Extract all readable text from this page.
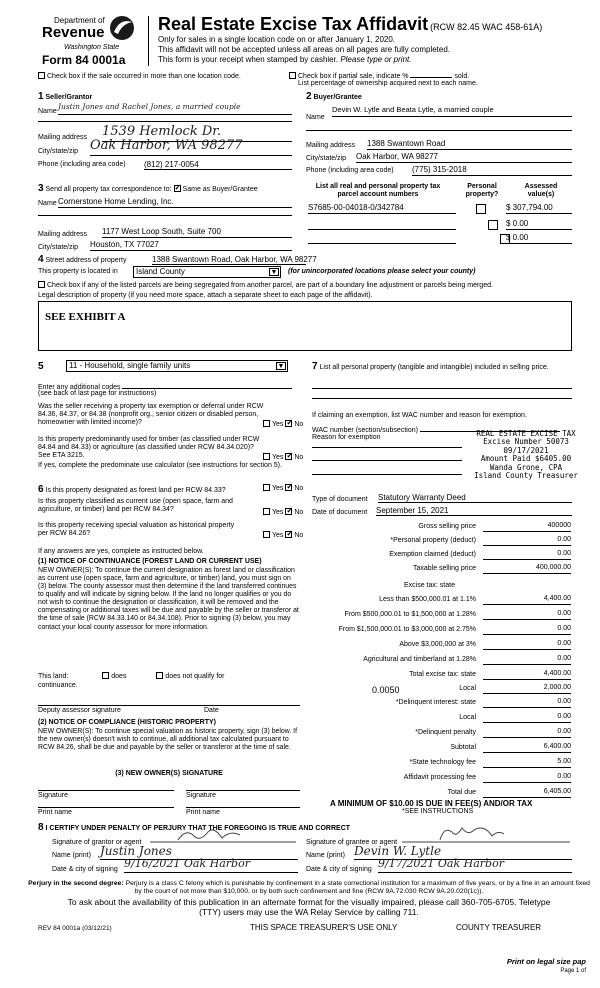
Department of
Revenue
Washington State
Form 84 0001a
Real Estate Excise Tax Affidavit (RCW 82.45 WAC 458-61A)
Only for sales in a single location code on or after January 1, 2020.
This affidavit will not be accepted unless all areas on all pages are fully completed.
This form is your receipt when stamped by cashier. Please type or print.
Check box if the sale occurred in more than one location code.	Check box if partial sale, indicate %	sold.
List percentage of ownership acquired next to each name.
1 Seller/Grantor
Name
Justin Jones and Rachel Jones, a married couple
Mailing address 1539 Hemlock Dr.
City/state/zip Oak Harbor, WA 98277
Phone (including area code) (812) 217-0054
2 Buyer/Grantee
Name
Devin W. Lytle and Beata Lytle, a married couple
Mailing address 1388 Swantown Road
City/state/zip Oak Harbor, WA 98277
Phone (including area code) (775) 315-2018
3 Send all property tax correspondence to: ✓ Same as Buyer/Grantee
Name Cornerstone Home Lending, Inc.
Mailing address 1177 West Loop South, Suite 700
City/state/zip Houston, TX 77027
List all real and personal property tax
parcel account numbers
Personal
property?
Assessed
value(s)
S7685-00-04018-0/342784	$ 307,794.00
$ 0.00
$ 0.00
4 Street address of property	1388 Swantown Road, Oak Harbor, WA 98277
This property is located in	Island County	▼ (for unincorporated locations please select your county)
Check box if any of the listed parcels are being segregated from another parcel, are part of a boundary line adjustment or parcels being merged.
Legal description of property (if you need more space, attach a separate sheet to each page of the affidavit).
SEE EXHIBIT A
5	11 - Household, single family units	▼
Enter any additional codes
(see back of last page for instructions)
Was the seller receiving a property tax exemption or deferral under RCW 84.36, 84.37, or 84.38 (nonprofit org., senior citizen or disabled person, homeowner with limited income)?	Yes ✓ No
Is this property predominantly used for timber (as classified under RCW 84.84 and 84.33) or agriculture (as classified under RCW 84.34.020)? See ETA 3215.	Yes ✓ No
If yes, complete the predominate use calculator (see instructions for section 5).
6 Is this property designated as forest land per RCW 84.33?	Yes ✓ No
Is this property classified as current use (open space, farm and agriculture, or timber) land per RCW 84.34?	Yes ✓ No
Is this property receiving special valuation as historical property per RCW 84.26?	Yes ✓ No
If any answers are yes, complete as instructed below.
(1) NOTICE OF CONTINUANCE (FOREST LAND OR CURRENT USE)
NEW OWNER(S): To continue the current designation as forest land or classification as current use (open space, farm and agriculture, or timber) land, you must sign on (3) below. The county assessor must then determine if the land transferred continues to qualify and will indicate by signing below. If the land no longer qualifies or you do not wish to continue the designation or classification, it will be removed and the compensating or additional taxes will be due and payable by the seller or transferor at the time of sale (RCW 84.33.140 or 84.34.108). Prior to signing (3) below, you may contact your local county assessor for more information.
This land:	does	does not qualify for
continuance.
Deputy assessor signature	Date
(2) NOTICE OF COMPLIANCE (HISTORIC PROPERTY)
NEW OWNER(S): To continue special valuation as historic property, sign (3) below. If the new owner(s) doesn't wish to continue, all additional tax calculated pursuant to RCW 84.26, shall be due and payable by the seller or transferor at the time of sale.
(3) NEW OWNER(S) SIGNATURE
Signature	Signature
Print name	Print name
7 List all personal property (tangible and intangible) included in selling price.
If claiming an exemption, list WAC number and reason for exemption.
WAC number (section/subsection)
Reason for exemption	REAL ESTATE EXCISE TAX
Excise Number 50073
09/17/2021
Amount Paid $6405.00
Wanda Grone, CPA
Island County Treasurer
Type of document Statutory Warranty Deed
Date of document September 15, 2021
Gross selling price	400000
*Personal property (deduct)	0.00
Exemption claimed (deduct)	0.00
Taxable selling price	400,000.00
Less than $500,000.01 at 1.1%	4,400.00
From $500,000.01 to $1,500,000 at 1.28%	0.00
From $1,500,000.01 to $3,000,000 at 2.75%	0.00
Above $3,000,000 at 3%	0.00
Agricultural and timberland at 1.28%	0.00
Total excise tax: state	4,400.00
Local	2,000.00
*Delinquent interest: state	0.00
Local	0.00
*Delinquent penalty	0.00
Subtotal	6,400.00
*State technology fee	5.00
Affidavit processing fee	0.00
Total due	6,405.00
0.0050
Excise tax: state
A MINIMUM OF $10.00 IS DUE IN FEE(S) AND/OR TAX
*SEE INSTRUCTIONS
8 I CERTIFY UNDER PENALTY OF PERJURY THAT THE FOREGOING IS TRUE AND CORRECT
Signature of grantor or agent
Name (print) Justin Jones
Date & city of signing 9/16/2021 Oak Harbor
Signature of grantee or agent
Name (print) Devin W. Lytle
Date & city of signing 9/17/2021 Oak Harbor
Perjury in the second degree: Perjury is a class C felony which is punishable by confinement in a state correctional institution for a maximum of five years, or by a fine in an amount fixed by the court of not more than $10,000, or by both such confinement and fine (RCW 9A.72.030 RCW 9A.20.020(1c)).
To ask about the availability of this publication in an alternate format for the visually impaired, please call 360-705-6705. Teletype
(TTY) users may use the WA Relay Service by calling 711.
REV 84 0001a (03/12/21)	THIS SPACE TREASURER'S USE ONLY	COUNTY TREASURER
Print on legal size pap
Page 1 of
